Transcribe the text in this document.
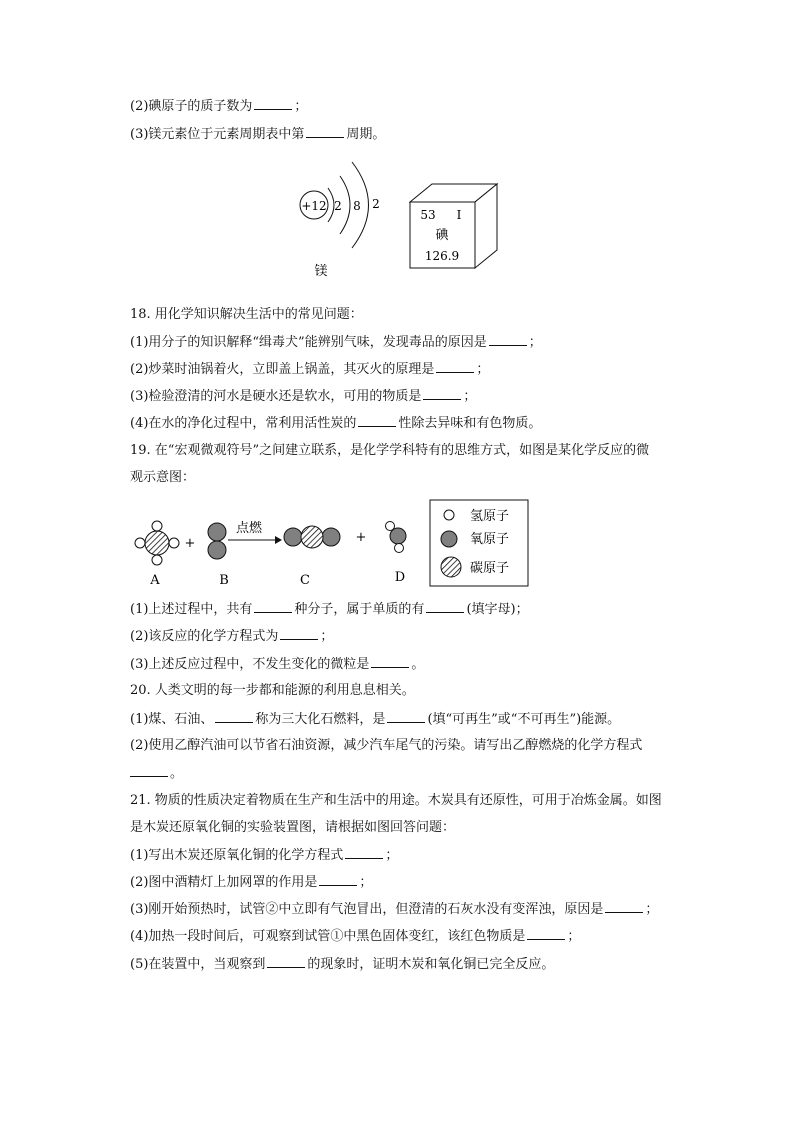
(2)碘原子的质子数为	；
(3)镁元素位于元素周期表中第	周期。
+12 2 8 2
镁
53 I
碘
126.9
18. 用化学知识解决生活中的常见问题：
(1)用分子的知识解释“缉毒犬”能辨别气味，发现毒品的原因是	；
(2)炒菜时油锅着火，立即盖上锅盖，其灭火的原理是	；
(3)检验澄清的河水是硬水还是软水，可用的物质是	；
(4)在水的净化过程中，常利用活性炭的	性除去异味和有色物质。
19. 在“宏观微观符号”之间建立联系，是化学学科特有的思维方式，如图是某化学反应的微
观示意图：
+
点燃
+
A	B	C	D
氢原子
氧原子
碳原子
(1)上述过程中，共有	种分子，属于单质的有	(填字母)；
(2)该反应的化学方程式为	；
(3)上述反应过程中，不发生变化的微粒是	。
20. 人类文明的每一步都和能源的利用息息相关。
(1)煤、石油、	称为三大化石燃料，是	(填“可再生”或“不可再生”)能源。
(2)使用乙醇汽油可以节省石油资源，减少汽车尾气的污染。请写出乙醇燃烧的化学方程式
。
21. 物质的性质决定着物质在生产和生活中的用途。木炭具有还原性，可用于冶炼金属。如图
是木炭还原氧化铜的实验装置图，请根据如图回答问题：
(1)写出木炭还原氧化铜的化学方程式	；
(2)图中酒精灯上加网罩的作用是	；
(3)刚开始预热时，试管②中立即有气泡冒出，但澄清的石灰水没有变浑浊，原因是	；
(4)加热一段时间后，可观察到试管①中黑色固体变红，该红色物质是	；
(5)在装置中，当观察到	的现象时，证明木炭和氧化铜已完全反应。
